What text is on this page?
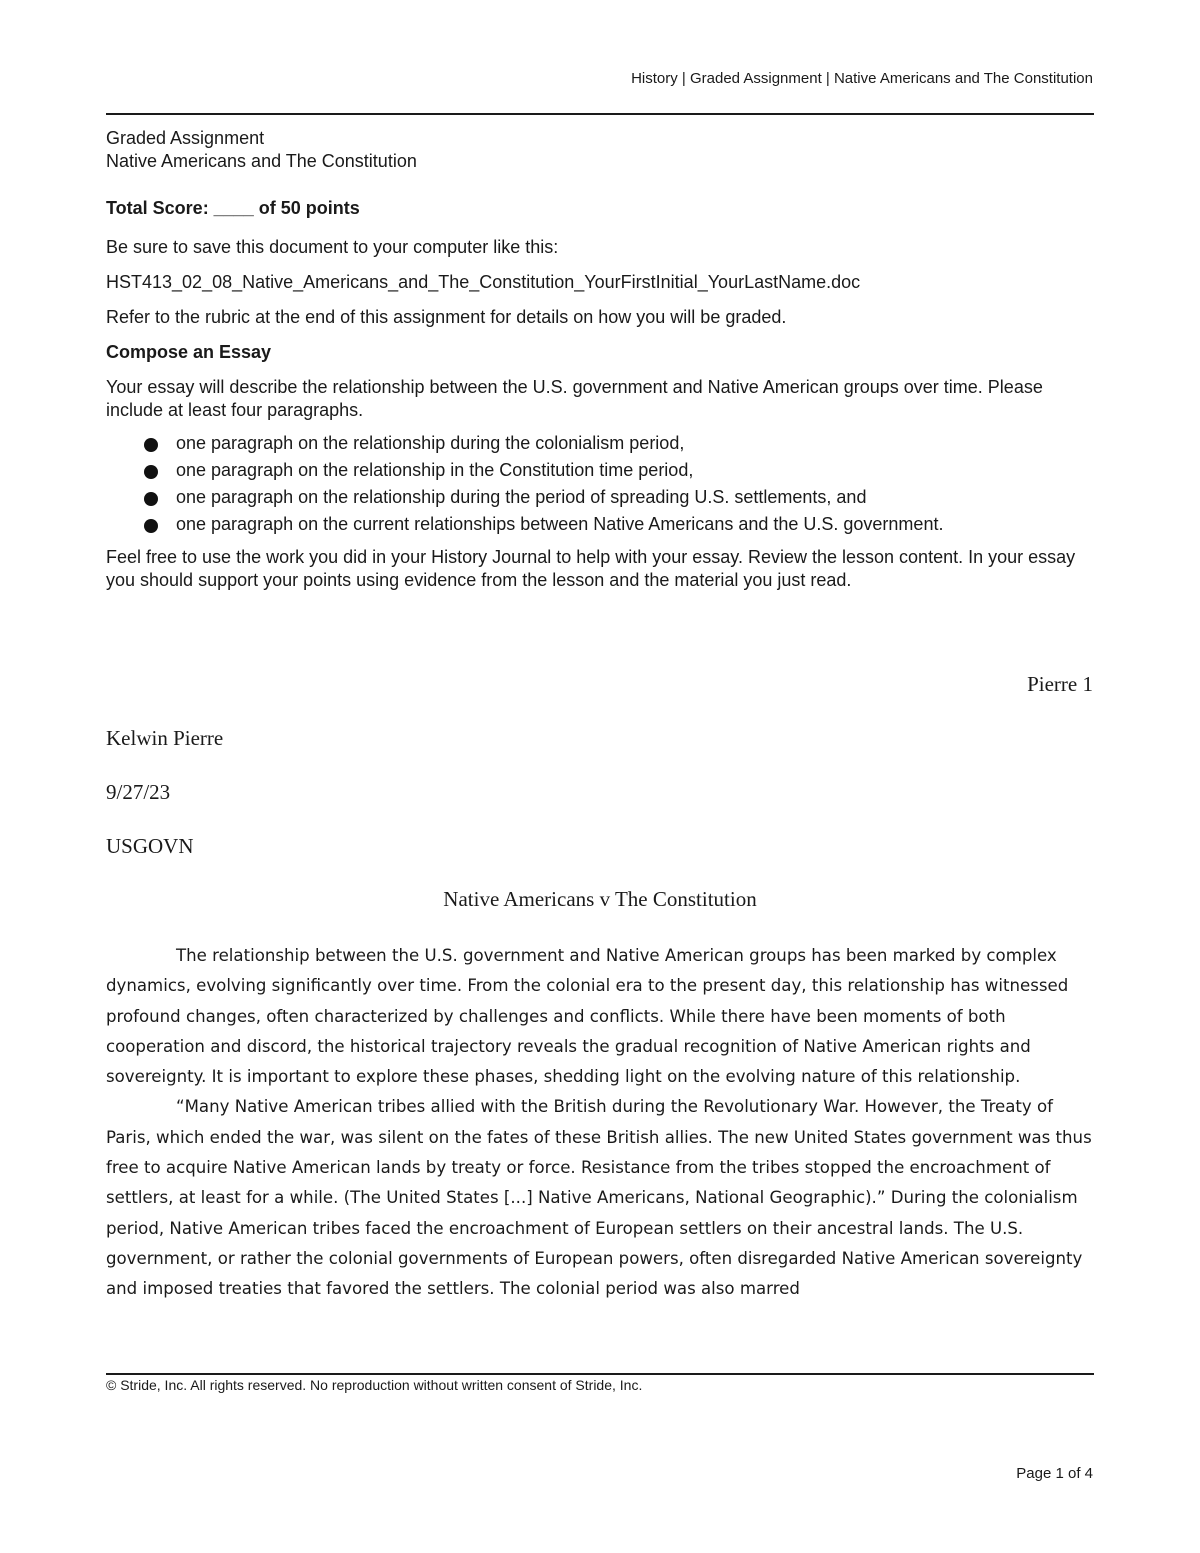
History | Graded Assignment | Native Americans and The Constitution

Graded Assignment

Native Americans and The Constitution

Total Score: ____ of 50 points

Be sure to save this document to your computer like this:

HST413_02_08_Native_Americans_and_The_Constitution_YourFirstInitial_YourLastName.doc

Refer to the rubric at the end of this assignment for details on how you will be graded.

Compose an Essay

Your essay will describe the relationship between the U.S. government and Native American groups over time. Please include at least four paragraphs.

one paragraph on the relationship during the colonialism period,
one paragraph on the relationship in the Constitution time period,
one paragraph on the relationship during the period of spreading U.S. settlements, and
one paragraph on the current relationships between Native Americans and the U.S. government.

Feel free to use the work you did in your History Journal to help with your essay. Review the lesson content. In your essay you should support your points using evidence from the lesson and the material you just read.

Pierre 1
Kelwin Pierre
9/27/23
USGOVN
Native Americans v The Constitution

The relationship between the U.S. government and Native American groups has been marked by complex dynamics, evolving significantly over time. From the colonial era to the present day, this relationship has witnessed profound changes, often characterized by challenges and conflicts. While there have been moments of both cooperation and discord, the historical trajectory reveals the gradual recognition of Native American rights and sovereignty. It is important to explore these phases, shedding light on the evolving nature of this relationship.

“Many Native American tribes allied with the British during the Revolutionary War. However, the Treaty of Paris, which ended the war, was silent on the fates of these British allies. The new United States government was thus free to acquire Native American lands by treaty or force. Resistance from the tribes stopped the encroachment of settlers, at least for a while. (The United States [...] Native Americans, National Geographic).” During the colonialism period, Native American tribes faced the encroachment of European settlers on their ancestral lands. The U.S. government, or rather the colonial governments of European powers, often disregarded Native American sovereignty and imposed treaties that favored the settlers. The colonial period was also marred

© Stride, Inc. All rights reserved. No reproduction without written consent of Stride, Inc.
Page 1 of 4
